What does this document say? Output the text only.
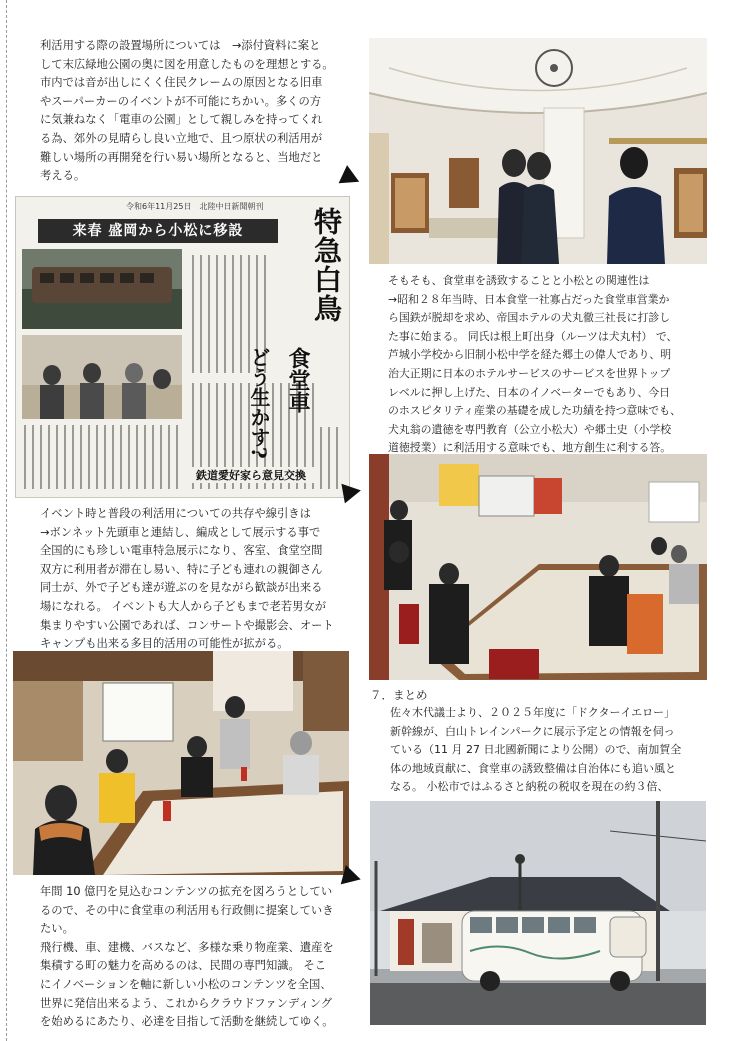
利活用する際の設置場所については　→添付資料に案と
して末広緑地公園の奥に図を用意したものを理想とする。
市内では音が出しにくく住民クレームの原因となる旧車
やスーパーカーのイベントが不可能にちかい。多くの方
に気兼ねなく「電車の公園」として親しみを持ってくれ
る為、郊外の見晴らし良い立地で、且つ原状の利活用が
難しい場所の再開発を行い易い場所となると、当地だと
考える。

令和6年11月25日　北陸中日新聞朝刊
来春 盛岡から小松に移設	特急白鳥
食堂車
どう生かす?
鉄道愛好家ら意見交換

そもそも、食堂車を誘致することと小松との関連性は
→昭和２８年当時、日本食堂一社寡占だった食堂車営業か
ら国鉄が脱却を求め、帝国ホテルの犬丸徹三社長に打診し
た事に始まる。 同氏は根上町出身（ルーツは犬丸村） で、
芦城小学校から旧制小松中学を経た郷土の偉人であり、明
治大正期に日本のホテルサービスのサービスを世界トップ
レベルに押し上げた、日本のイノベーターでもあり、今日
のホスピタリティ産業の基礎を成した功績を持つ意味でも、
犬丸翁の遺徳を専門教育（公立小松大）や郷土史（小学校
道徳授業）に利活用する意味でも、地方創生に利する答。

イベント時と普段の利活用についての共存や線引きは
→ボンネット先頭車と連結し、編成として展示する事で
全国的にも珍しい電車特急展示になり、客室、食堂空間
双方に利用者が滞在し易い、特に子ども連れの親御さん
同士が、外で子ども達が遊ぶのを見ながら歓談が出来る
場になれる。 イベントも大人から子どもまで老若男女が
集まりやすい公園であれば、コンサートや撮影会、オート
キャンプも出来る多目的活用の可能性が拡がる。

７．まとめ

佐々木代議士より、２０２５年度に「ドクターイエロー」
新幹線が、白山トレインパークに展示予定との情報を伺っ
ている（11 月 27 日北國新聞により公開）ので、南加賀全
体の地域貢献に、食堂車の誘致整備は自治体にも追い風と
なる。 小松市ではふるさと納税の税収を現在の約３倍、

年間 10 億円を見込むコンテンツの拡充を図ろうとしてい
るので、その中に食堂車の利活用も行政側に提案していき
たい。
飛行機、車、建機、バスなど、多様な乗り物産業、遺産を
集積する町の魅力を高めるのは、民間の専門知識。 そこ
にイノベーションを軸に新しい小松のコンテンツを全国、
世界に発信出来るよう、これからクラウドファンディング
を始めるにあたり、必達を目指して活動を継続してゆく。
